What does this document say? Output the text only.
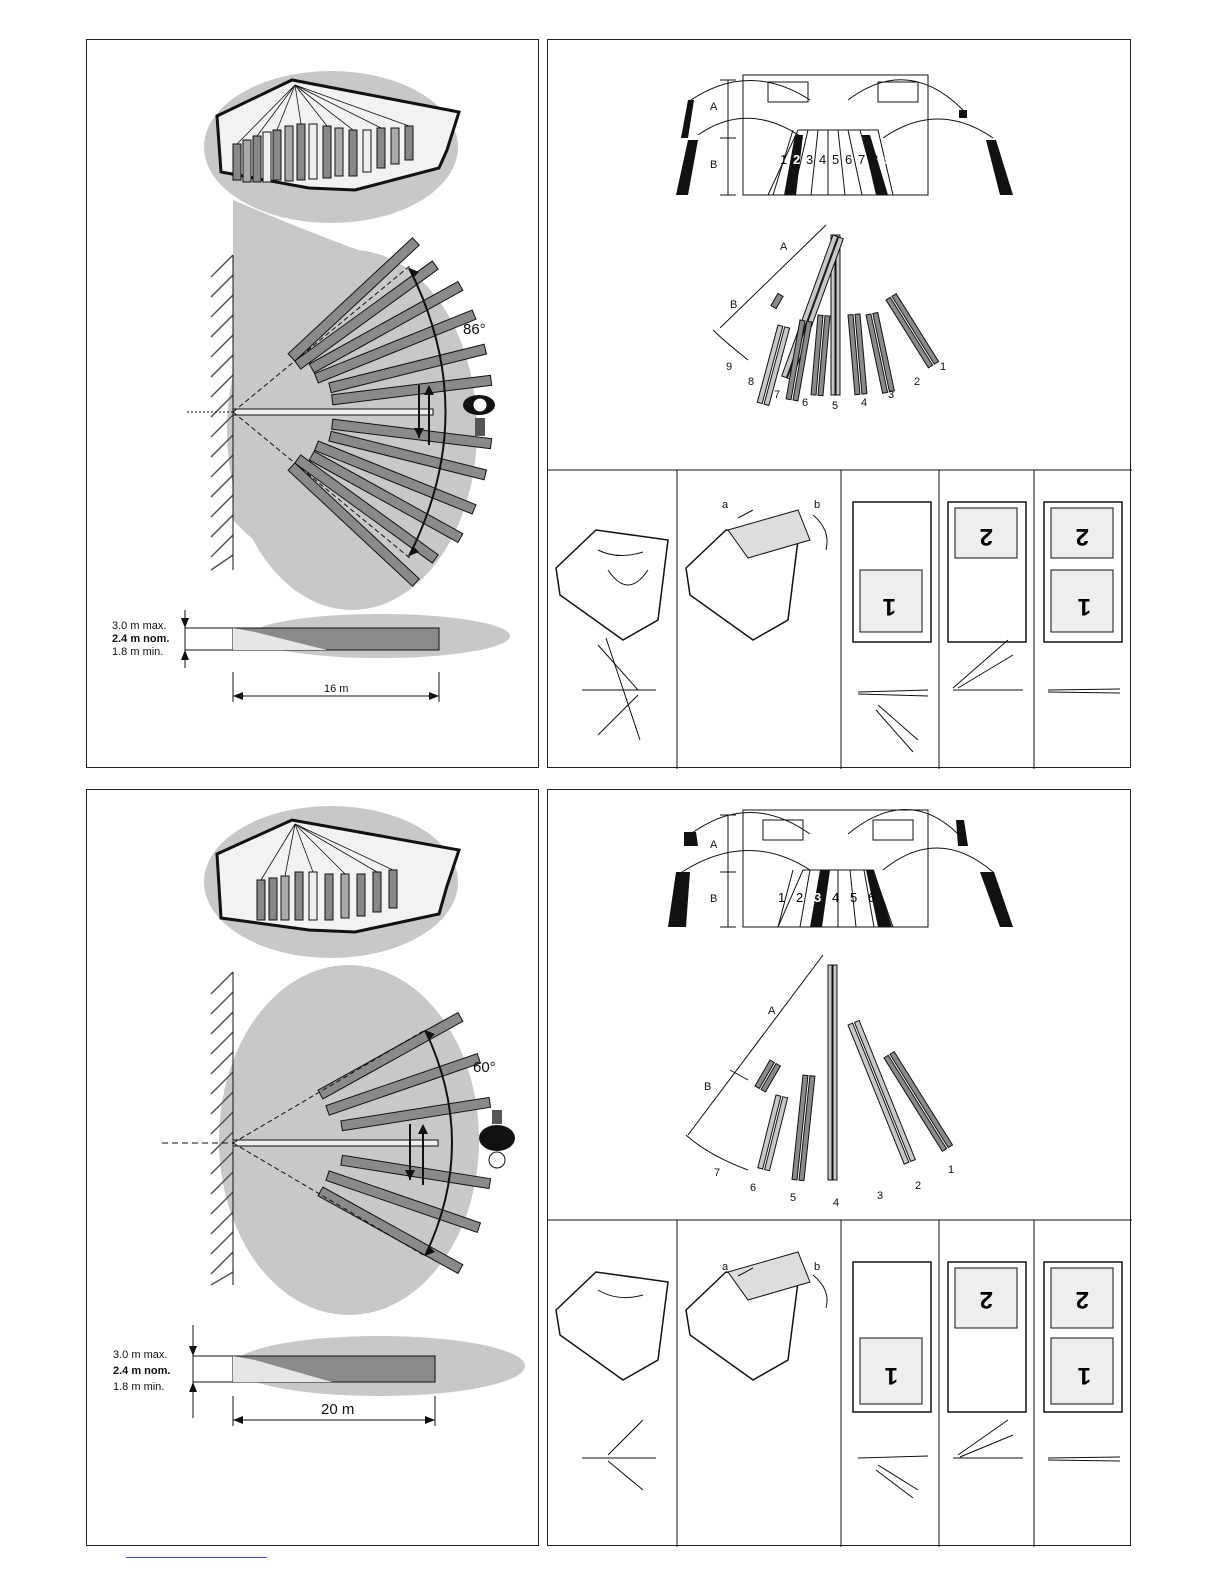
86°
3.0 m max.
2.4 m nom.
1.8 m min.
16 m
1 2 3 4 5 6 7 8 9
A
B
A
B
9
8
7
6 5 4
3
2
1
a	b
1
2	2
1
60°
3.0 m max.
2.4 m nom.
1.8 m min.
20 m
1 2 3 4 5 6 7
A
B
A
B
7
6
5	4
3
2
1
a	b
1
2	2
1
